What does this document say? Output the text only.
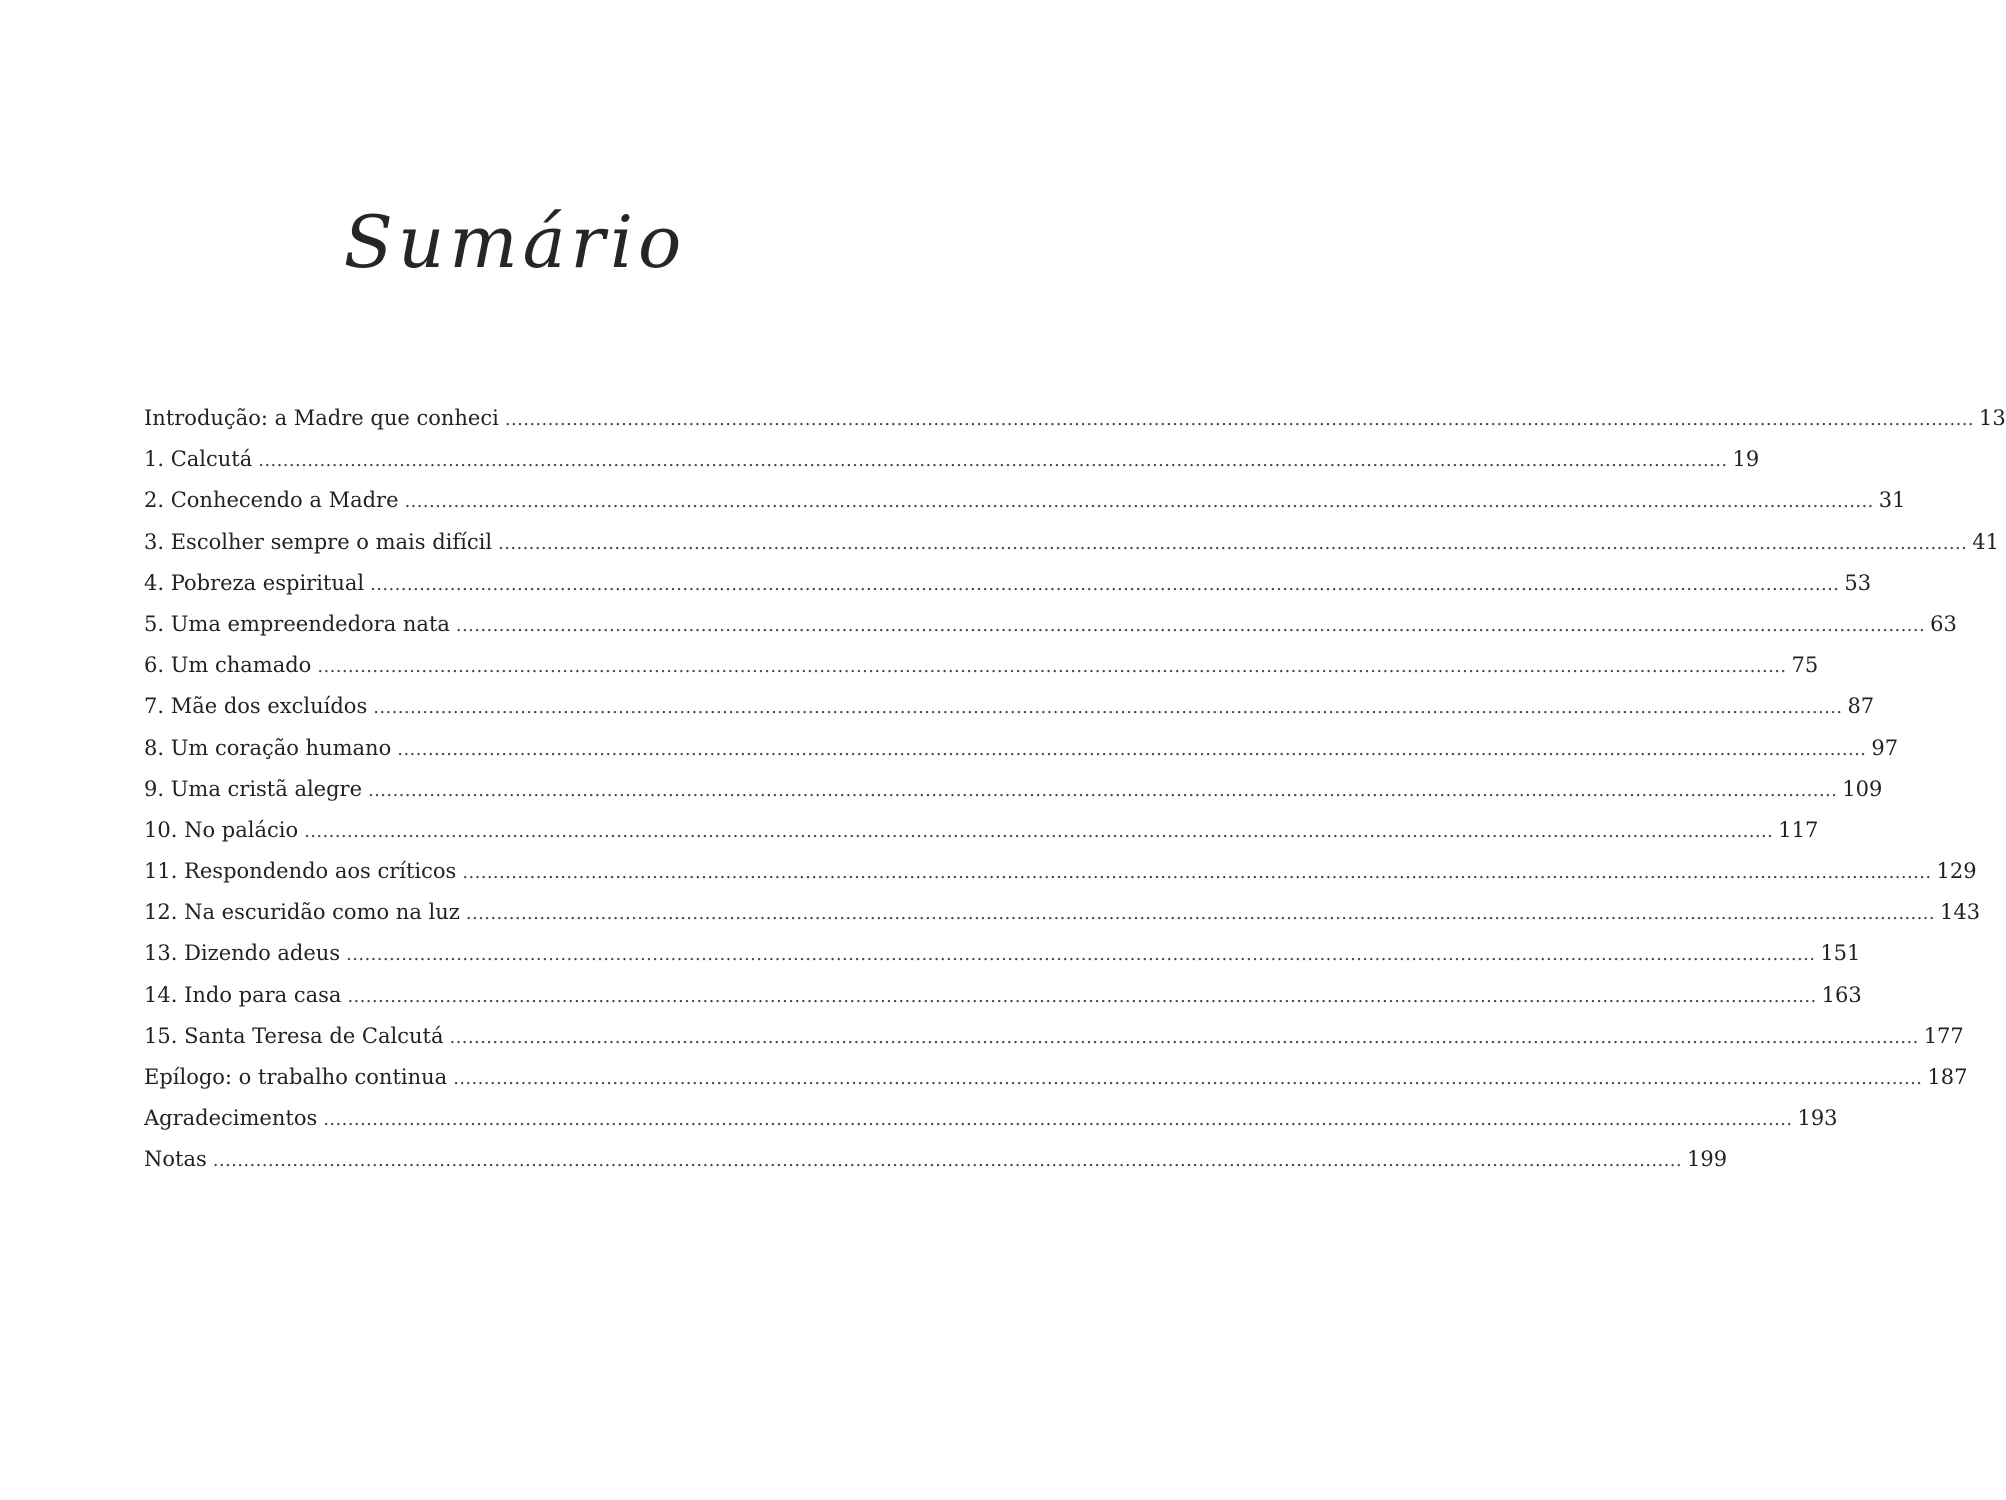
Sumário
Introdução: a Madre que conheci ................................................................................................................................................................................................................................................ 13
1. Calcutá ................................................................................................................................................................................................................................................ 19
2. Conhecendo a Madre ................................................................................................................................................................................................................................................ 31
3. Escolher sempre o mais difícil ................................................................................................................................................................................................................................................ 41
4. Pobreza espiritual ................................................................................................................................................................................................................................................ 53
5. Uma empreendedora nata ................................................................................................................................................................................................................................................ 63
6. Um chamado ................................................................................................................................................................................................................................................ 75
7. Mãe dos excluídos ................................................................................................................................................................................................................................................ 87
8. Um coração humano ................................................................................................................................................................................................................................................ 97
9. Uma cristã alegre ................................................................................................................................................................................................................................................ 109
10. No palácio ................................................................................................................................................................................................................................................ 117
11. Respondendo aos críticos ................................................................................................................................................................................................................................................ 129
12. Na escuridão como na luz ................................................................................................................................................................................................................................................ 143
13. Dizendo adeus ................................................................................................................................................................................................................................................ 151
14. Indo para casa ................................................................................................................................................................................................................................................ 163
15. Santa Teresa de Calcutá ................................................................................................................................................................................................................................................ 177
Epílogo: o trabalho continua ................................................................................................................................................................................................................................................ 187
Agradecimentos ................................................................................................................................................................................................................................................ 193
Notas ................................................................................................................................................................................................................................................ 199
